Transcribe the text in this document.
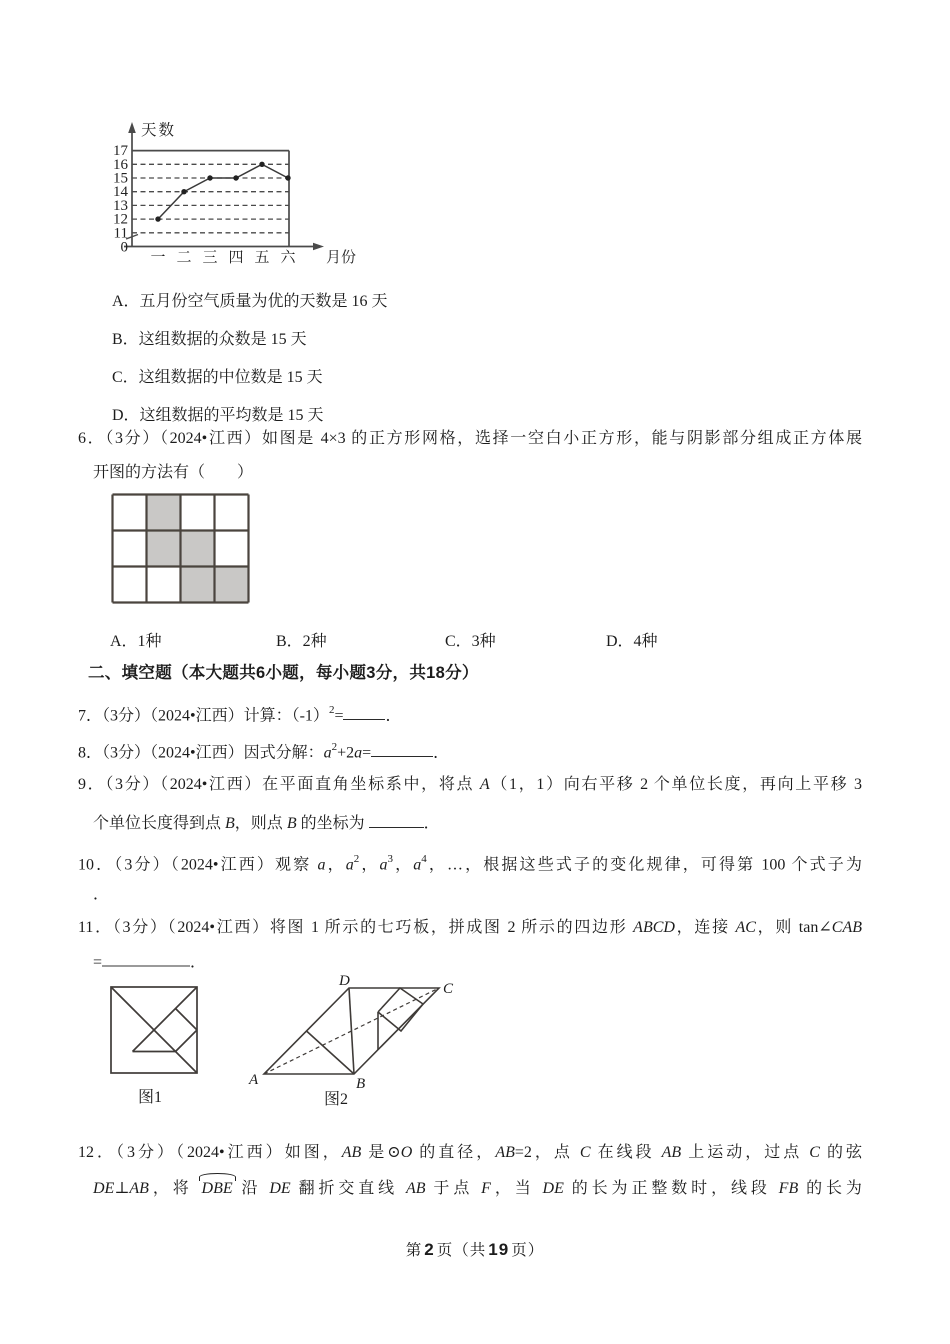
0
11
12
13
14
15
16
17
一 二 三 四 五 六 月份
天数
A．五月份空气质量为优的天数是 16 天
B．这组数据的众数是 15 天
C．这组数据的中位数是 15 天
D．这组数据的平均数是 15 天
6．（3分）（2024•江西）如图是 4×3 的正方形网格，选择一空白小正方形，能与阴影部分组成正方体展
开图的方法有（　　）
A．1种	B．2种	C．3种	D．4种
二、填空题（本大题共6小题，每小题3分，共18分）
7．（3分）（2024•江西）计算：$(-1)^2=$	．
8．（3分）（2024•江西）因式分解：$a^2+2a=$	．
9．（3分）（2024•江西）在平面直角坐标系中，将点 A（1，1）向右平移 2 个单位长度，再向上平移 3
个单位长度得到点 B，则点 B 的坐标为	．
10．（3分）（2024•江西）观察 a，$a^2$，$a^3$，$a^4$，…，根据这些式子的变化规律，可得第 100 个式子为
．
11．（3分）（2024•江西）将图 1 所示的七巧板，拼成图 2 所示的四边形 ABCD，连接 AC，则 tan∠CAB
=	．
图1
A	B
C
D
图2
12．（3分）（2024•江西）如图，AB 是⊙O 的直径，AB=2，点 C 在线段 AB 上运动，过点 C 的弦
DE⊥AB，将 DBE 沿 DE 翻折交直线 AB 于点 F，当 DE 的长为正整数时，线段 FB 的长为
第 2 页（共 19 页）
